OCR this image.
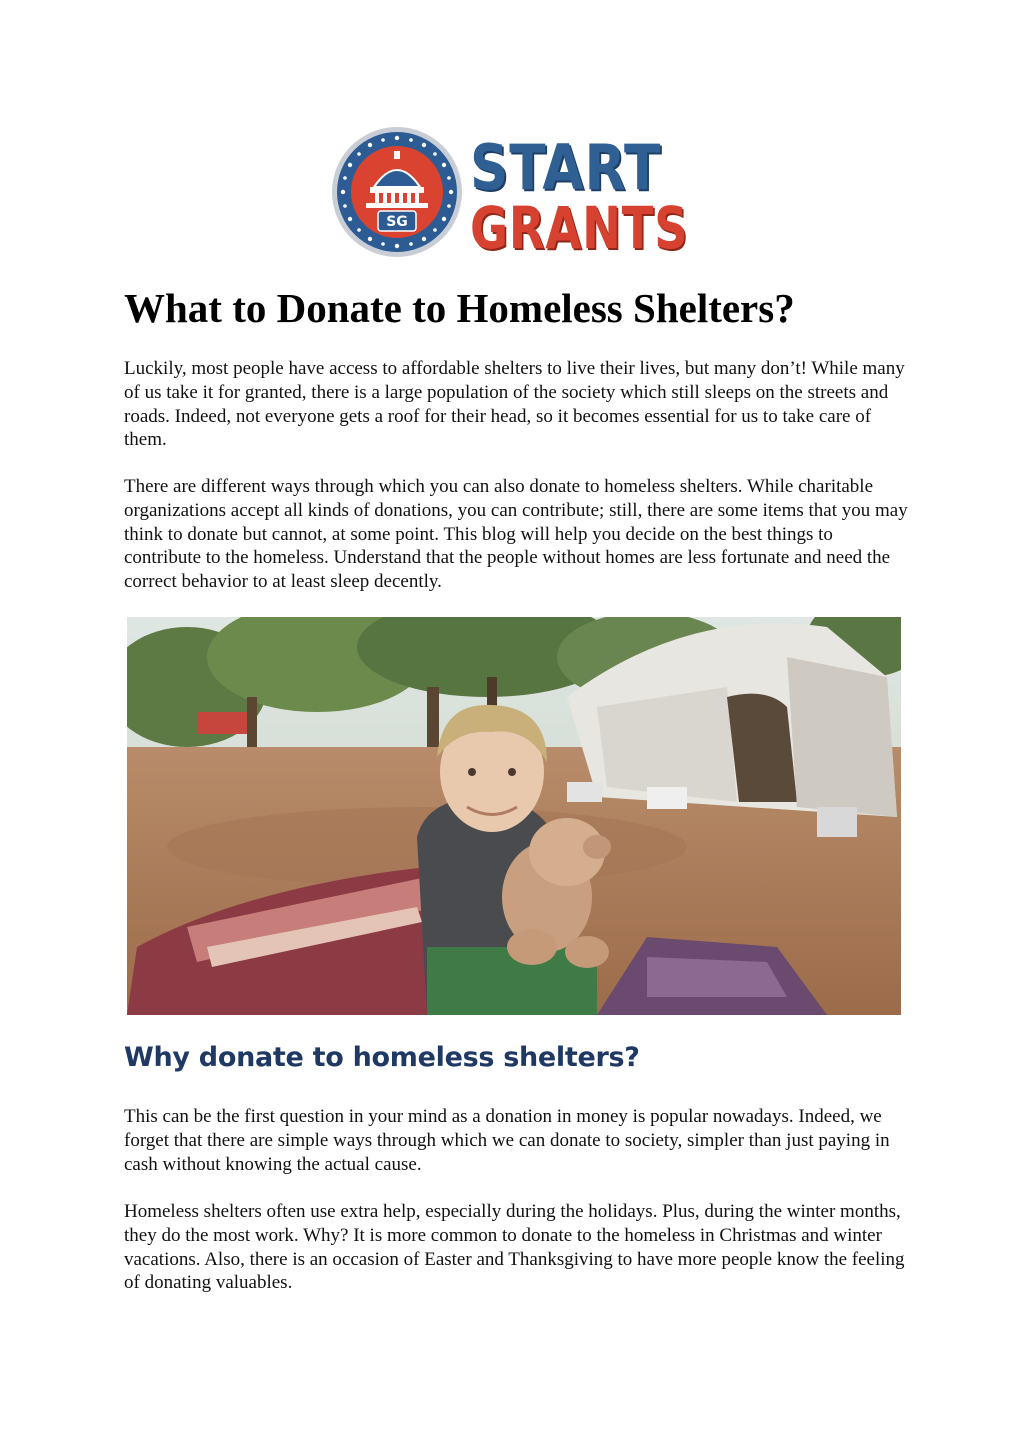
SG
START
GRANTS
What to Donate to Homeless Shelters?

Luckily, most people have access to affordable shelters to live their lives, but many don’t! While many of us take it for granted, there is a large population of the society which still sleeps on the streets and roads. Indeed, not everyone gets a roof for their head, so it becomes essential for us to take care of them.

There are different ways through which you can also donate to homeless shelters. While charitable organizations accept all kinds of donations, you can contribute; still, there are some items that you may think to donate but cannot, at some point. This blog will help you decide on the best things to contribute to the homeless. Understand that the people without homes are less fortunate and need the correct behavior to at least sleep decently.

Why donate to homeless shelters?

This can be the first question in your mind as a donation in money is popular nowadays. Indeed, we forget that there are simple ways through which we can donate to society, simpler than just paying in cash without knowing the actual cause.

Homeless shelters often use extra help, especially during the holidays. Plus, during the winter months, they do the most work. Why? It is more common to donate to the homeless in Christmas and winter vacations. Also, there is an occasion of Easter and Thanksgiving to have more people know the feeling of donating valuables.
